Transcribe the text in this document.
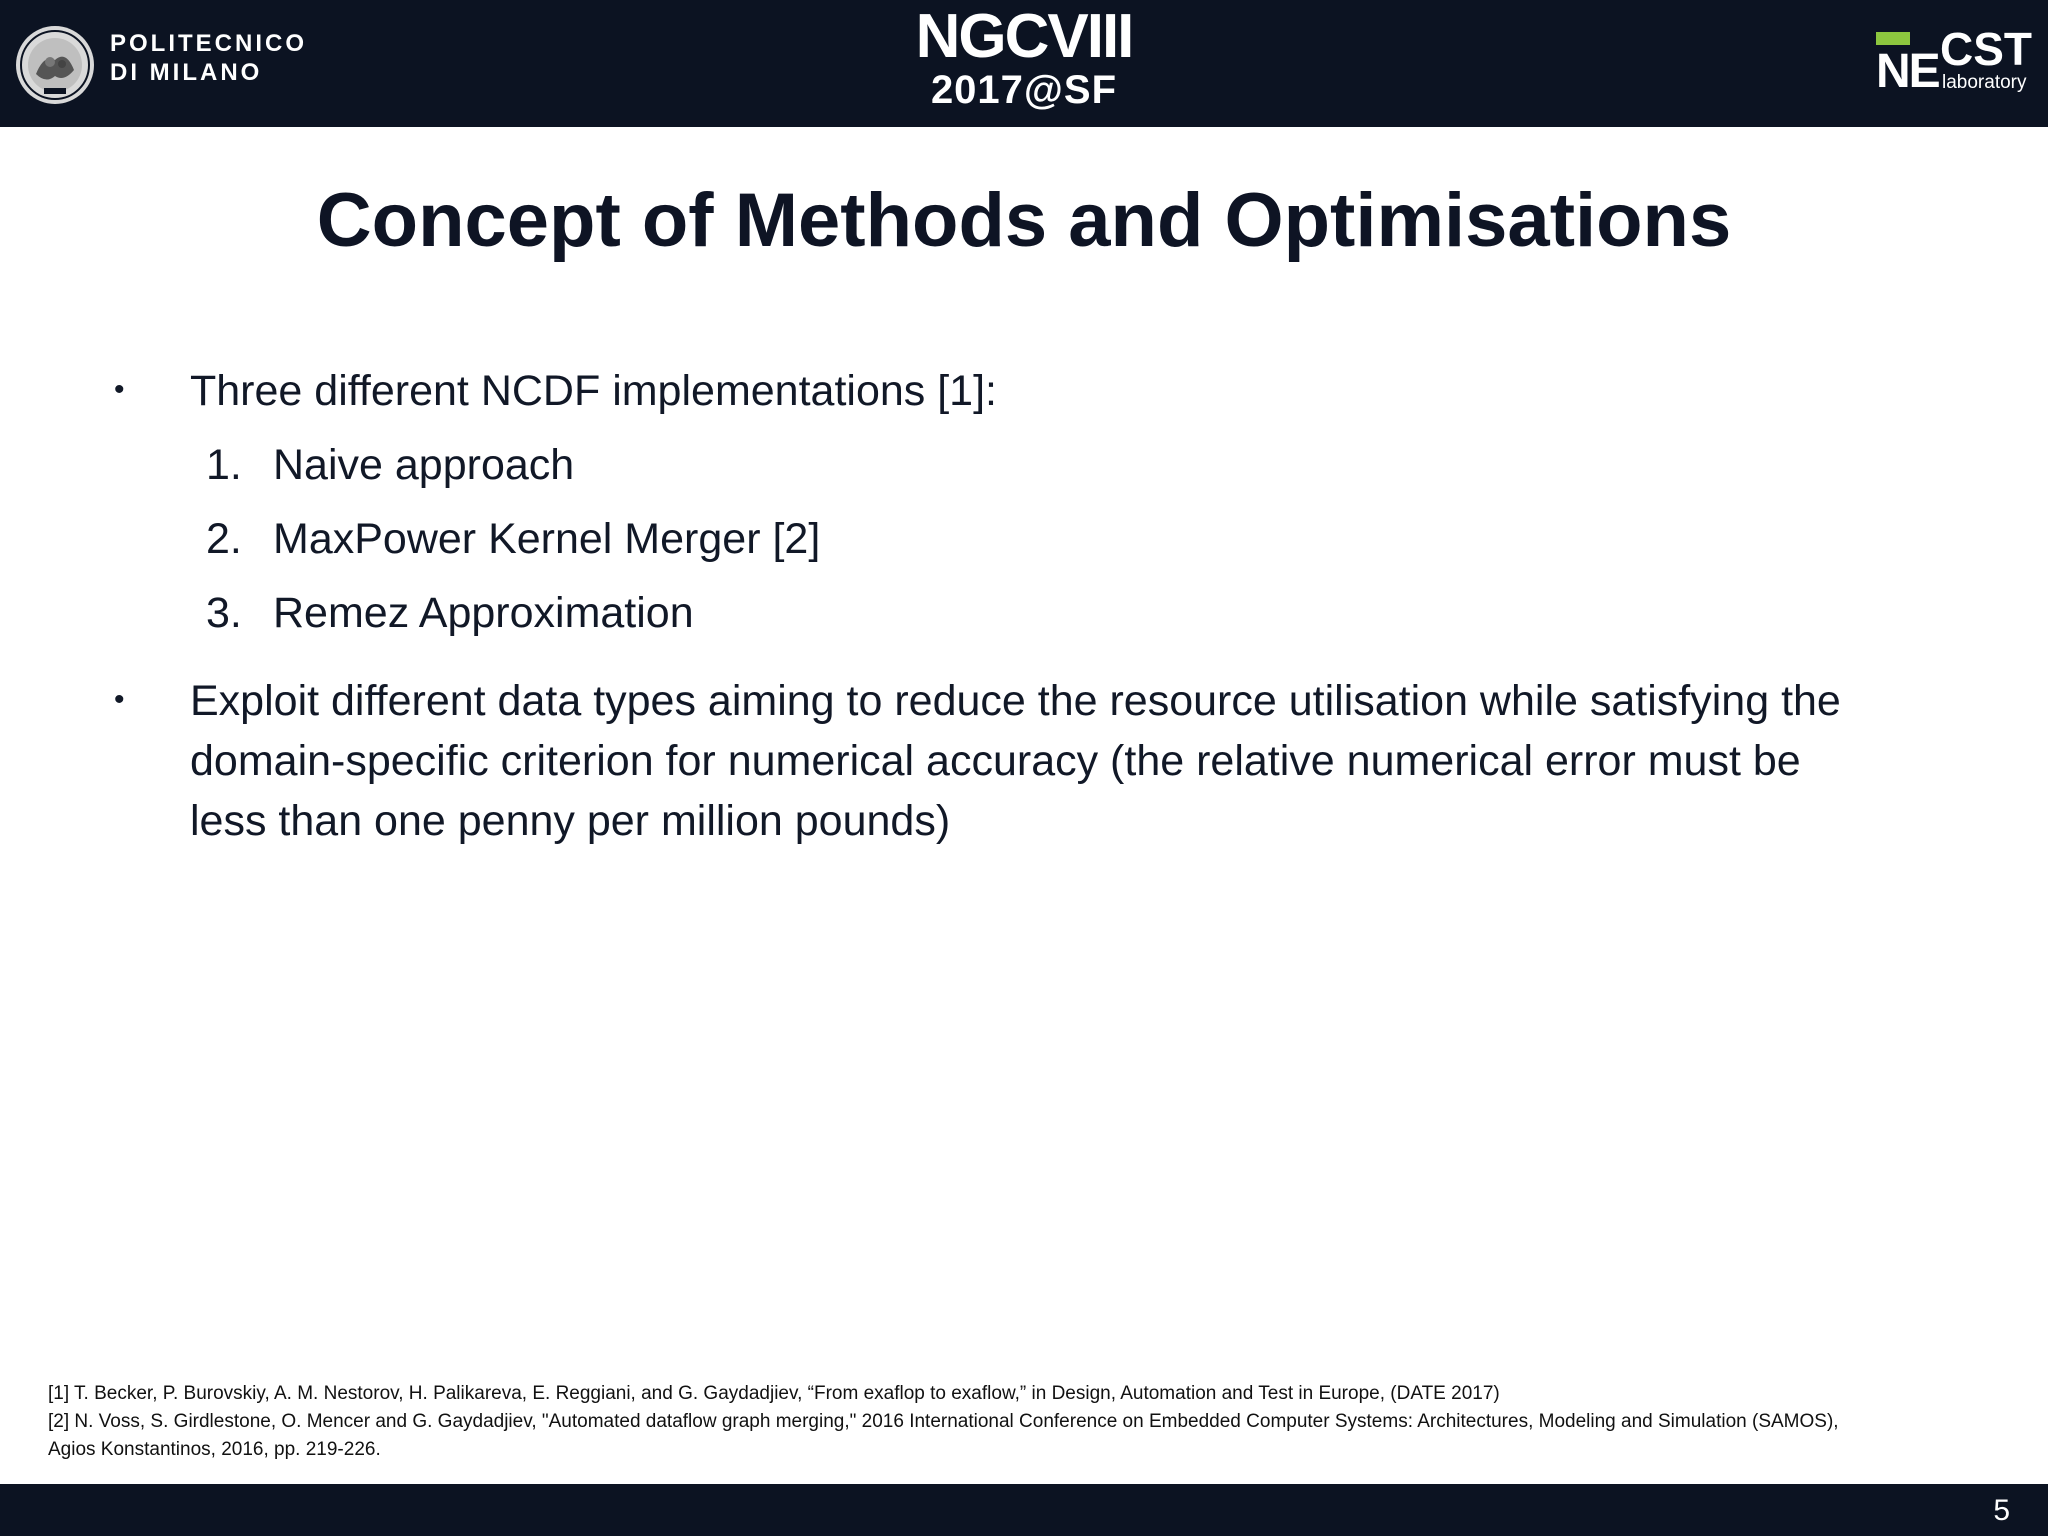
POLITECNICO
DI MILANO
NGCVIII
2017@SF	NE CST
laboratory
Concept of Methods and Optimisations
• Three different NCDF implementations [1]:
1. Naive approach
2. MaxPower Kernel Merger [2]
3. Remez Approximation
• Exploit different data types aiming to reduce the resource utilisation while satisfying the
domain-specific criterion for numerical accuracy (the relative numerical error must be
less than one penny per million pounds)
[1] T. Becker, P. Burovskiy, A. M. Nestorov, H. Palikareva, E. Reggiani, and G. Gaydadjiev, “From exaflop to exaflow,” in Design, Automation and Test in Europe, (DATE 2017)
[2] N. Voss, S. Girdlestone, O. Mencer and G. Gaydadjiev, "Automated dataflow graph merging," 2016 International Conference on Embedded Computer Systems: Architectures, Modeling and Simulation (SAMOS),
Agios Konstantinos, 2016, pp. 219-226.
5
